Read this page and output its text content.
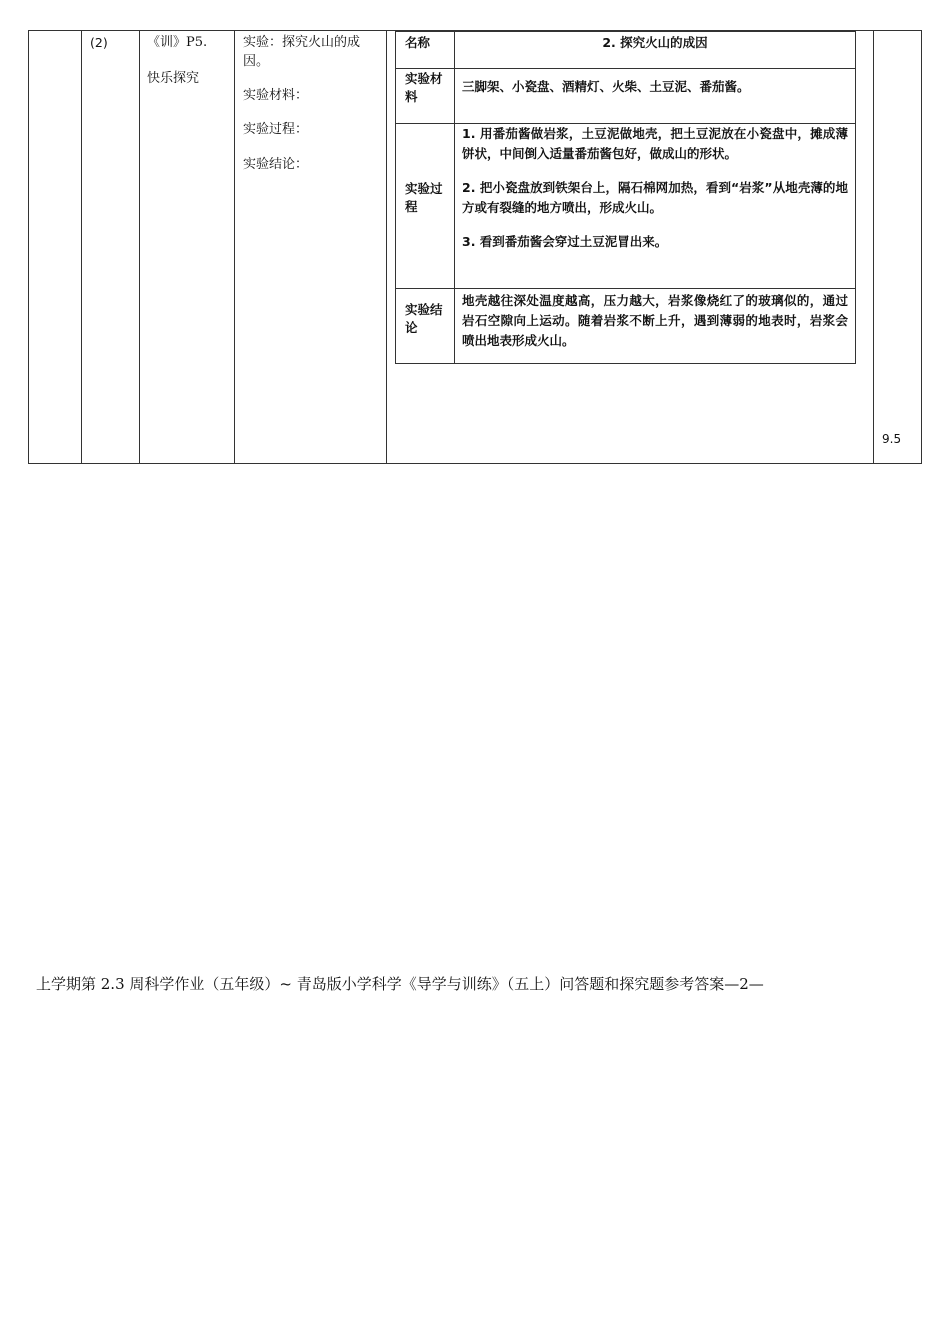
(2)	《训》P5.
快乐探究
实验：探究火山的成因。
实验材料：
实验过程：
实验结论：
9.5
名称	2. 探究火山的成因
实验材料
三脚架、小瓷盘、酒精灯、火柴、土豆泥、番茄酱。
实验过程

1. 用番茄酱做岩浆，土豆泥做地壳，把土豆泥放在小瓷盘中，摊成薄饼状，中间倒入适量番茄酱包好，做成山的形状。

2. 把小瓷盘放到铁架台上，隔石棉网加热，看到“岩浆”从地壳薄的地方或有裂缝的地方喷出，形成火山。

3. 看到番茄酱会穿过土豆泥冒出来。

实验结论
地壳越往深处温度越高，压力越大，岩浆像烧红了的玻璃似的，通过岩石空隙向上运动。随着岩浆不断上升，遇到薄弱的地表时，岩浆会喷出地表形成火山。
上学期第 2.3 周科学作业（五年级）~ 青岛版小学科学《导学与训练》（五上）问答题和探究题参考答案—2—
